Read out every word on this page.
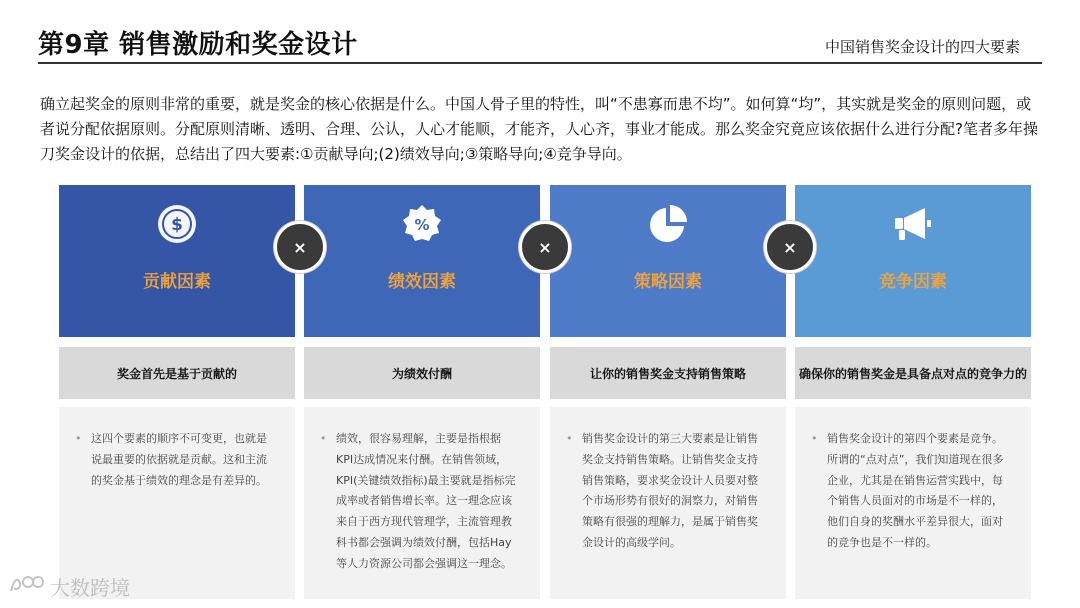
第9章 销售激励和奖金设计	中国销售奖金设计的四大要素

确立起奖金的原则非常的重要，就是奖金的核心依据是什么。中国人骨子里的特性，叫“不患寡而患不均”。如何算“均”，其实就是奖金的原则问题，或者说分配依据原则。分配原则清晰、透明、合理、公认，人心才能顺，才能齐，人心齐，事业才能成。那么奖金究竟应该依据什么进行分配?笔者多年操刀奖金设计的依据，总结出了四大要素:①贡献导向;(2)绩效导向;③策略导向;④竞争导向。

$
贡献因素
奖金首先是基于贡献的
• 这四个要素的顺序不可变更，也就是说最重要的依据就是贡献。这和主流的奖金基于绩效的理念是有差异的。
%
绩效因素
为绩效付酬
• 绩效，很容易理解，主要是指根据KPI达成情况来付酬。在销售领域，KPI(关键绩效指标)最主要就是指标完成率或者销售增长率。这一理念应该来自于西方现代管理学，主流管理教科书都会强调为绩效付酬，包括Hay等人力资源公司都会强调这一理念。
策略因素
让你的销售奖金支持销售策略
• 销售奖金设计的第三大要素是让销售奖金支持销售策略。让销售奖金支持销售策略，要求奖金设计人员要对整个市场形势有很好的洞察力，对销售策略有很强的理解力，是属于销售奖金设计的高级学问。
竞争因素
确保你的销售奖金是具备点对点的竞争力的
• 销售奖金设计的第四个要素是竞争。所谓的“点对点”，我们知道现在很多企业，尤其是在销售运营实践中，每个销售人员面对的市场是不一样的，他们自身的奖酬水平差异很大，面对的竞争也是不一样的。
×	×	×
大数跨境
